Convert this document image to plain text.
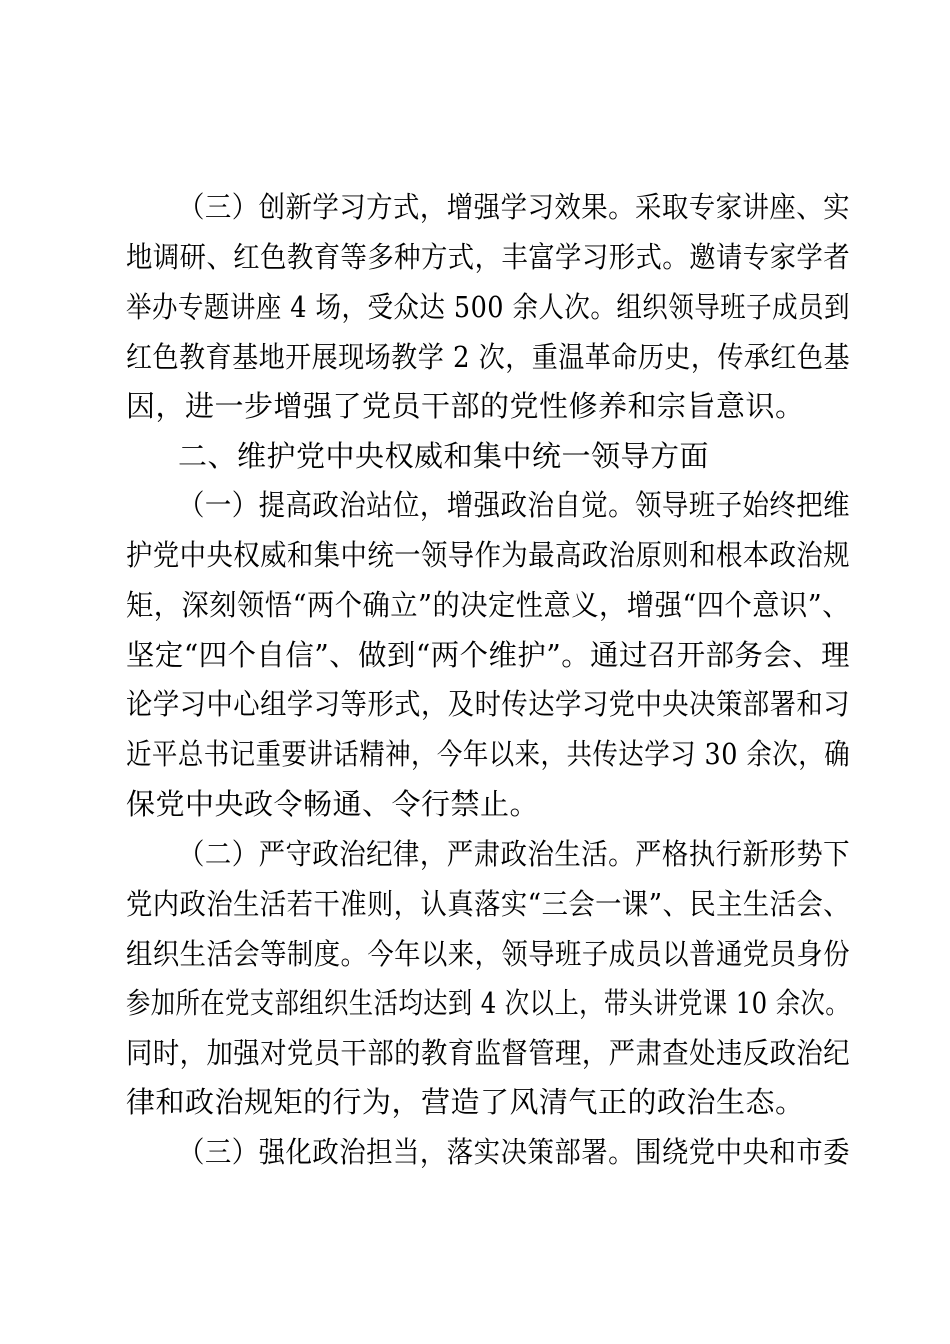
（三）创新学习方式，增强学习效果。采取专家讲座、实
地调研、红色教育等多种方式，丰富学习形式。邀请专家学者
举办专题讲座 4 场，受众达 500 余人次。组织领导班子成员到
红色教育基地开展现场教学 2 次，重温革命历史，传承红色基
因，进一步增强了党员干部的党性修养和宗旨意识。
二、维护党中央权威和集中统一领导方面
（一）提高政治站位，增强政治自觉。领导班子始终把维
护党中央权威和集中统一领导作为最高政治原则和根本政治规
矩，深刻领悟“两个确立”的决定性意义，增强“四个意识”、
坚定“四个自信”、做到“两个维护”。通过召开部务会、理
论学习中心组学习等形式，及时传达学习党中央决策部署和习
近平总书记重要讲话精神，今年以来，共传达学习 30 余次，确
保党中央政令畅通、令行禁止。
（二）严守政治纪律，严肃政治生活。严格执行新形势下
党内政治生活若干准则，认真落实“三会一课”、民主生活会、
组织生活会等制度。今年以来，领导班子成员以普通党员身份
参加所在党支部组织生活均达到 4 次以上，带头讲党课 10 余次。
同时，加强对党员干部的教育监督管理，严肃查处违反政治纪
律和政治规矩的行为，营造了风清气正的政治生态。
（三）强化政治担当，落实决策部署。围绕党中央和市委
